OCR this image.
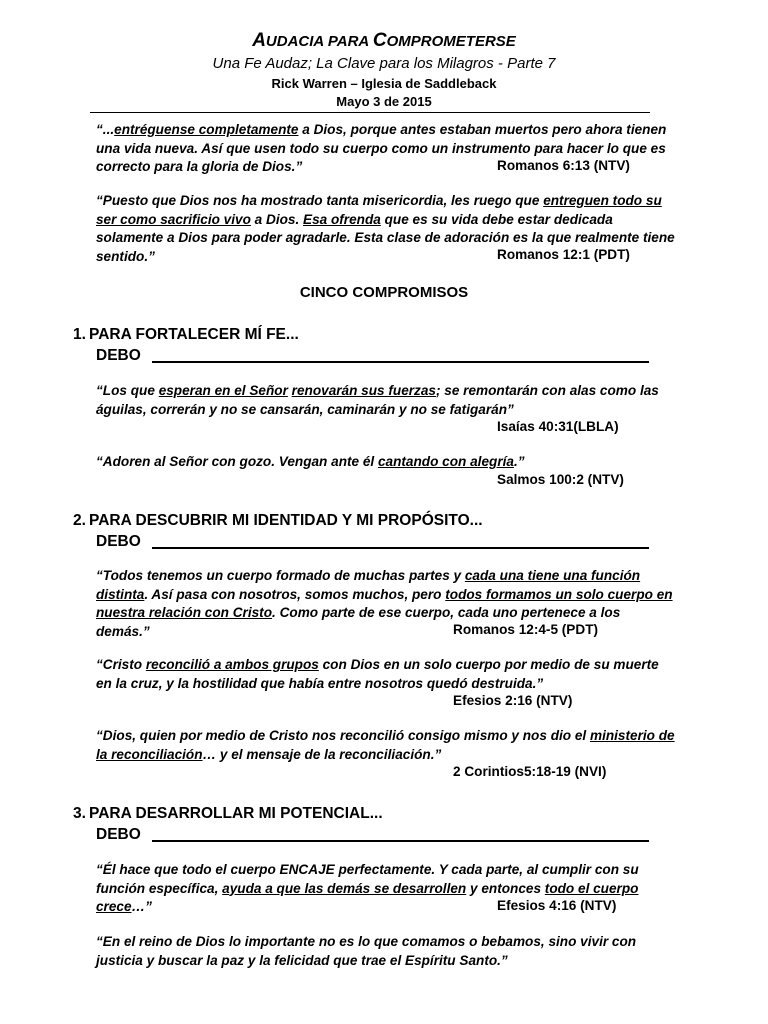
AUDACIA PARA COMPROMETERSE
Una Fe Audaz; La Clave para los Milagros - Parte 7
Rick Warren – Iglesia de Saddleback
Mayo 3 de 2015

“...entréguense completamente a Dios, porque antes estaban muertos pero ahora tienen una vida nueva. Así que usen todo su cuerpo como un instrumento para hacer lo que es correcto para la gloria de Dios.”	Romanos 6:13 (NTV)

“Puesto que Dios nos ha mostrado tanta misericordia, les ruego que entreguen todo su ser como sacrificio vivo a Dios. Esa ofrenda que es su vida debe estar dedicada solamente a Dios para poder agradarle. Esta clase de adoración es la que realmente tiene sentido.”	Romanos 12:1 (PDT)
CINCO COMPROMISOS
1. PARA FORTALECER MÍ FE...
DEBO

“Los que esperan en el Señor renovarán sus fuerzas; se remontarán con alas como las águilas, correrán y no se cansarán, caminarán y no se fatigarán”

Isaías 40:31(LBLA)

“Adoren al Señor con gozo. Vengan ante él cantando con alegría.”

Salmos 100:2 (NTV)
2. PARA DESCUBRIR MI IDENTIDAD Y MI PROPÓSITO...
DEBO

“Todos tenemos un cuerpo formado de muchas partes y cada una tiene una función distinta. Así pasa con nosotros, somos muchos, pero todos formamos un solo cuerpo en nuestra relación con Cristo. Como parte de ese cuerpo, cada uno pertenece a los demás.”	Romanos 12:4-5 (PDT)

“Cristo reconcilió a ambos grupos con Dios en un solo cuerpo por medio de su muerte en la cruz, y la hostilidad que había entre nosotros quedó destruida.”

Efesios 2:16 (NTV)

“Dios, quien por medio de Cristo nos reconcilió consigo mismo y nos dio el ministerio de la reconciliación… y el mensaje de la reconciliación.”

2 Corintios5:18-19 (NVI)
3. PARA DESARROLLAR MI POTENCIAL...
DEBO

“Él hace que todo el cuerpo ENCAJE perfectamente. Y cada parte, al cumplir con su función específica, ayuda a que las demás se desarrollen y entonces todo el cuerpo crece…”	Efesios 4:16 (NTV)

“En el reino de Dios lo importante no es lo que comamos o bebamos, sino vivir con justicia y buscar la paz y la felicidad que trae el Espíritu Santo.”
